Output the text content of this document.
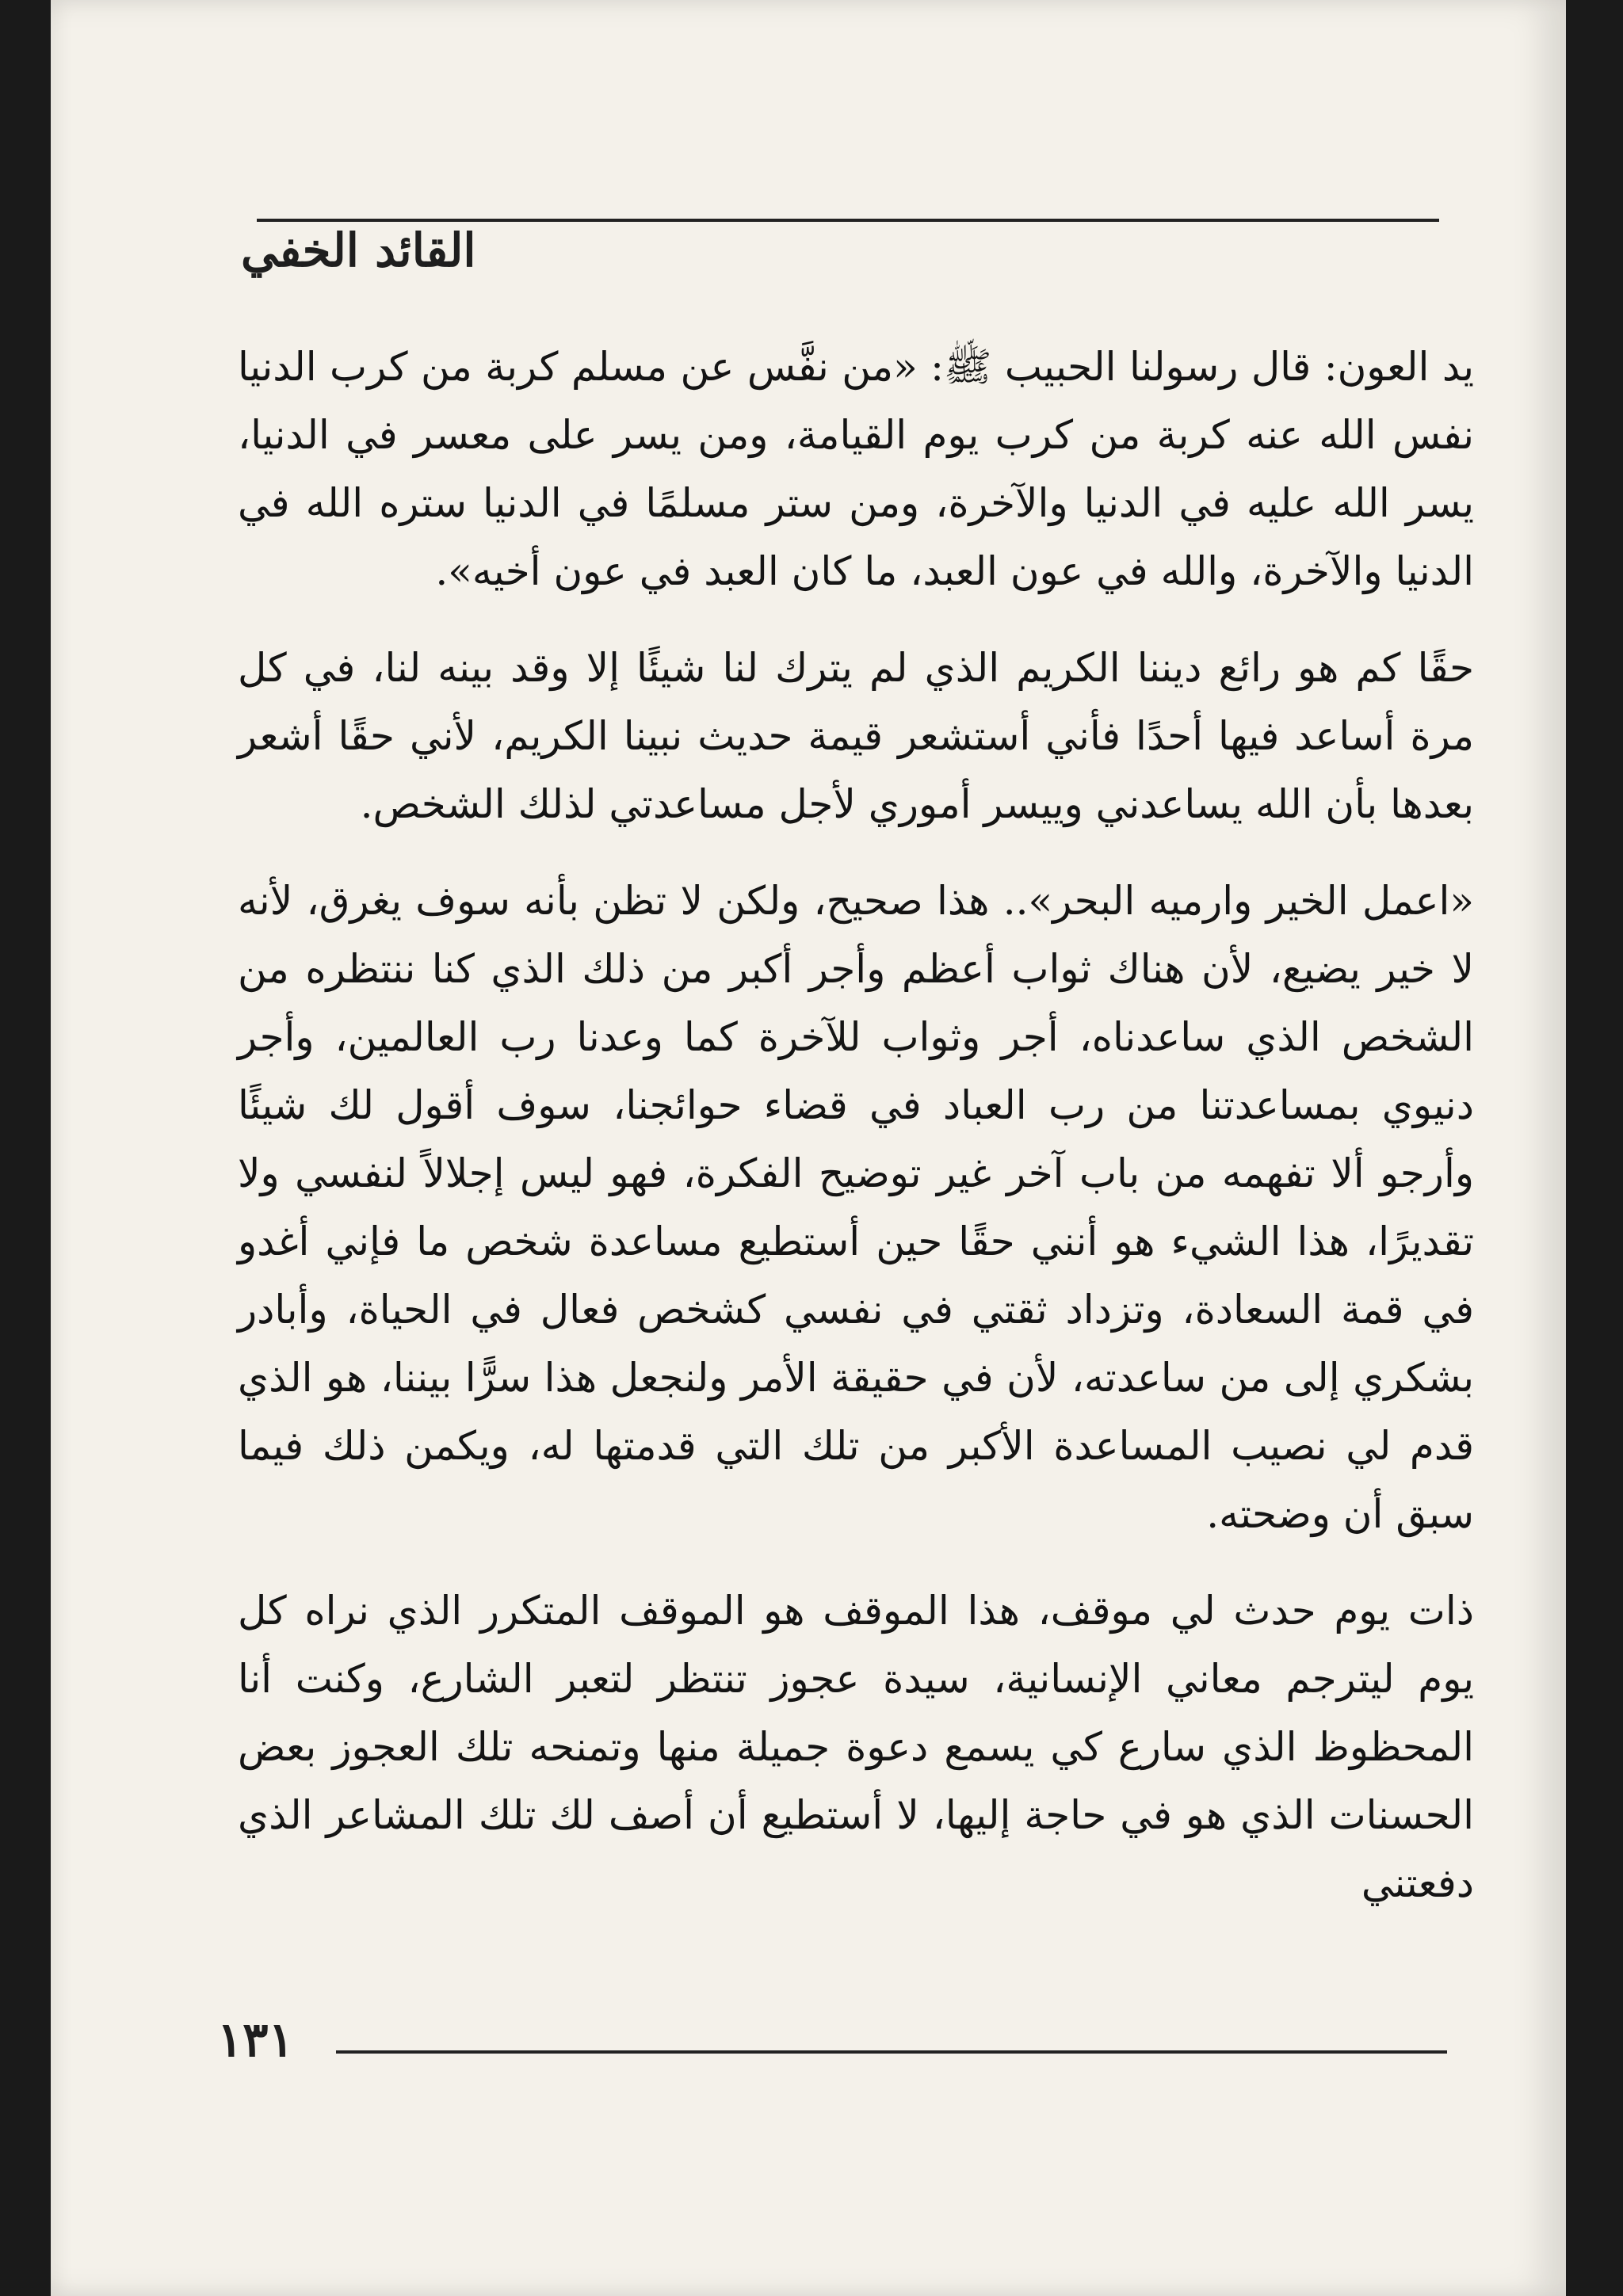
القائد الخفي

يد العون: قال رسولنا الحبيب ﷺ: «من نفَّس عن مسلم كربة من كرب الدنيا نفس الله عنه كربة من كرب يوم القيامة، ومن يسر على معسر في الدنيا، يسر الله عليه في الدنيا والآخرة، ومن ستر مسلمًا في الدنيا ستره الله في الدنيا والآخرة، والله في عون العبد، ما كان العبد في عون أخيه».

حقًا كم هو رائع ديننا الكريم الذي لم يترك لنا شيئًا إلا وقد بينه لنا، في كل مرة أساعد فيها أحدًا فأني أستشعر قيمة حديث نبينا الكريم، لأني حقًا أشعر بعدها بأن الله يساعدني وييسر أموري لأجل مساعدتي لذلك الشخص.

«اعمل الخير وارميه البحر».. هذا صحيح، ولكن لا تظن بأنه سوف يغرق، لأنه لا خير يضيع، لأن هناك ثواب أعظم وأجر أكبر من ذلك الذي كنا ننتظره من الشخص الذي ساعدناه، أجر وثواب للآخرة كما وعدنا رب العالمين، وأجر دنيوي بمساعدتنا من رب العباد في قضاء حوائجنا، سوف أقول لك شيئًا وأرجو ألا تفهمه من باب آخر غير توضيح الفكرة، فهو ليس إجلالاً لنفسي ولا تقديرًا، هذا الشيء هو أنني حقًا حين أستطيع مساعدة شخص ما فإني أغدو في قمة السعادة، وتزداد ثقتي في نفسي كشخص فعال في الحياة، وأبادر بشكري إلى من ساعدته، لأن في حقيقة الأمر ولنجعل هذا سرًّا بيننا، هو الذي قدم لي نصيب المساعدة الأكبر من تلك التي قدمتها له، ويكمن ذلك فيما سبق أن وضحته.

ذات يوم حدث لي موقف، هذا الموقف هو الموقف المتكرر الذي نراه كل يوم ليترجم معاني الإنسانية، سيدة عجوز تنتظر لتعبر الشارع، وكنت أنا المحظوظ الذي سارع كي يسمع دعوة جميلة منها وتمنحه تلك العجوز بعض الحسنات الذي هو في حاجة إليها، لا أستطيع أن أصف لك تلك المشاعر الذي دفعتني

١٣١
